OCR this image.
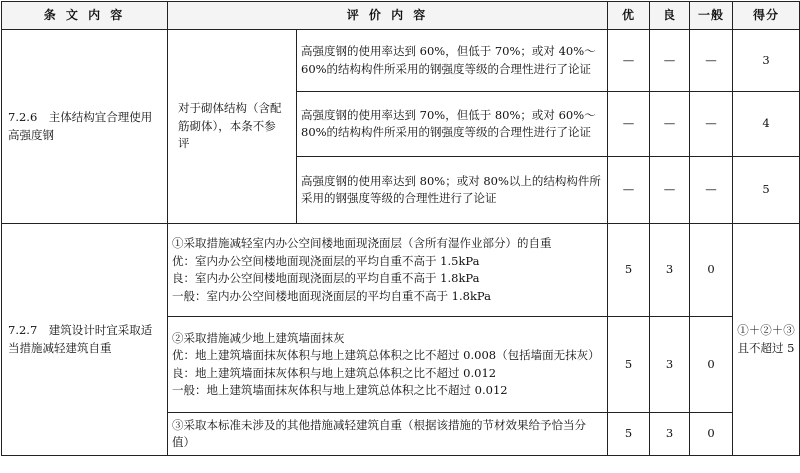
条 文 内 容	评 价 内 容		优	良	一般	得分
7.2.6　主体结构宜合理使用高强度钢	对于砌体结构（含配筋砌体），本条不参评	高强度钢的使用率达到 60%，但低于 70%；或对 40%～60%的结构构件所采用的钢强度等级的合理性进行了论证	—	—	—	3
		高强度钢的使用率达到 70%，但低于 80%；或对 60%～80%的结构构件所采用的钢强度等级的合理性进行了论证	—	—	—	4
		高强度钢的使用率达到 80%；或对 80%以上的结构构件所采用的钢强度等级的合理性进行了论证	—	—	—	5
7.2.7　建筑设计时宜采取适当措施减轻建筑自重	①采取措施减轻室内办公空间楼地面现浇面层（含所有湿作业部分）的自重

优：室内办公空间楼地面现浇面层的平均自重不高于 1.5kPa

良：室内办公空间楼地面现浇面层的平均自重不高于 1.8kPa

一般：室内办公空间楼地面现浇面层的平均自重不高于 1.8kPa		5	3	0	①＋②＋③且不超过 5

	②采取措施减少地上建筑墙面抹灰

优：地上建筑墙面抹灰体积与地上建筑总体积之比不超过 0.008（包括墙面无抹灰）

良：地上建筑墙面抹灰体积与地上建筑总体积之比不超过 0.012

一般：地上建筑墙面抹灰体积与地上建筑总体积之比不超过 0.012		5	3	0	

	③采取本标准未涉及的其他措施减轻建筑自重（根据该措施的节材效果给予恰当分值）		5	3	0	
